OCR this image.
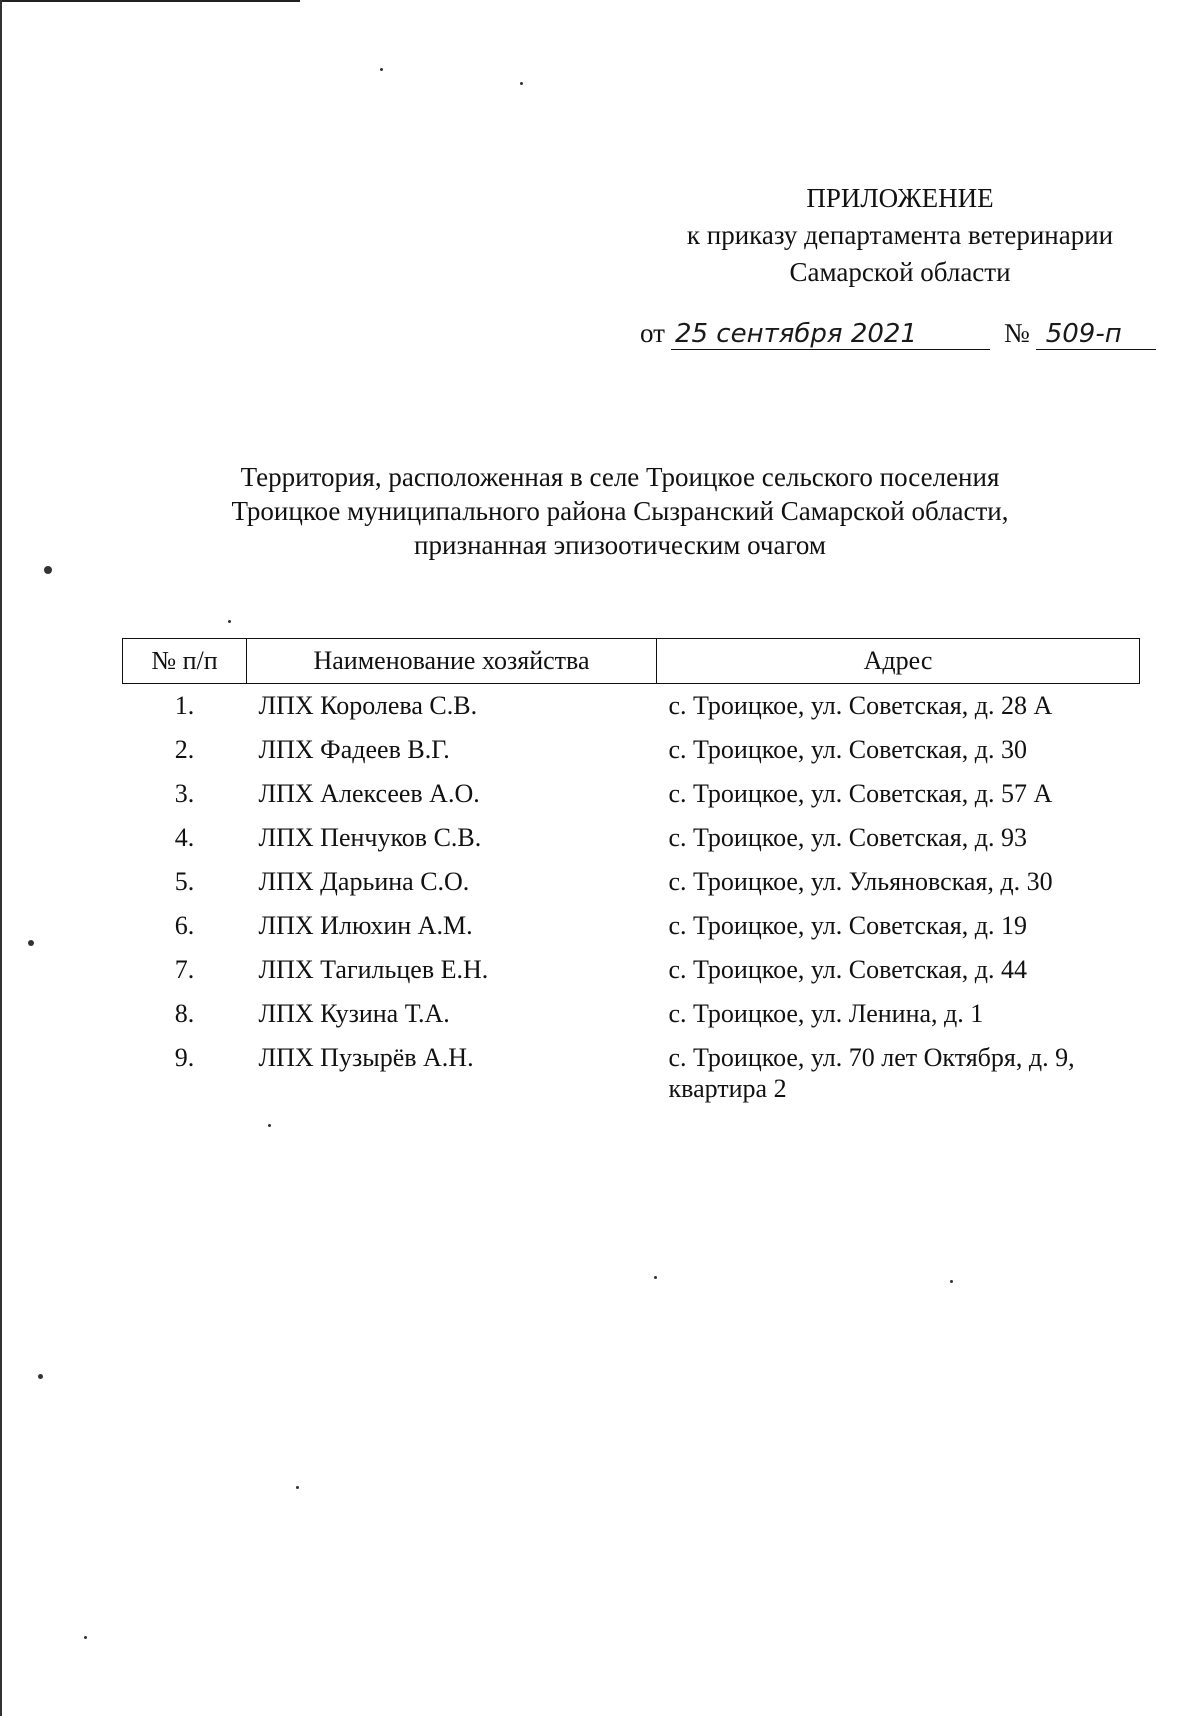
ПРИЛОЖЕНИЕ
к приказу департамента ветеринарии
Самарской области
от 25 сентября 2021	№ 509-п
Территория, расположенная в селе Троицкое сельского поселения
Троицкое муниципального района Сызранский Самарской области,
признанная эпизоотическим очагом
№ п/п	Наименование хозяйства	Адрес
1.	ЛПХ Королева С.В.	с. Троицкое, ул. Советская, д. 28 А
2.	ЛПХ Фадеев В.Г.	с. Троицкое, ул. Советская, д. 30
3.	ЛПХ Алексеев А.О.	с. Троицкое, ул. Советская, д. 57 А
4.	ЛПХ Пенчуков С.В.	с. Троицкое, ул. Советская, д. 93
5.	ЛПХ Дарьина С.О.	с. Троицкое, ул. Ульяновская, д. 30
6.	ЛПХ Илюхин А.М.	с. Троицкое, ул. Советская, д. 19
7.	ЛПХ Тагильцев Е.Н.	с. Троицкое, ул. Советская, д. 44
8.	ЛПХ Кузина Т.А.	с. Троицкое, ул. Ленина, д. 1
9.	ЛПХ Пузырёв А.Н.	с. Троицкое, ул. 70 лет Октября, д. 9, квартира 2
